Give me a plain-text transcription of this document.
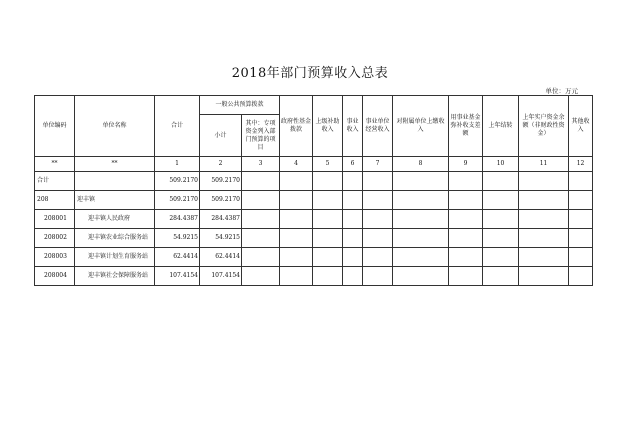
2018年部门预算收入总表
单位：万元
单位编码	单位名称	合计	一般公共预算拨款		政府性基金拨款	上级补助收入	事业收入	事业单位经营收入	对附属单位上缴收入	用事业基金弥补收支差额	上年结转	上年实户资金余额（非财政性资金）	其他收入
			小计	其中：专项资金列入部门预算的项目									
**	**	1	2	3	4	5	6	7	8	9	10	11	12
合计		509.2170	509.2170										
208	迎丰镇	509.2170	509.2170										
208001	迎丰镇人民政府	284.4387	284.4387										
208002	迎丰镇农业综合服务站	54.9215	54.9215										
208003	迎丰镇计划生育服务站	62.4414	62.4414										
208004	迎丰镇社会保障服务站	107.4154	107.4154										
